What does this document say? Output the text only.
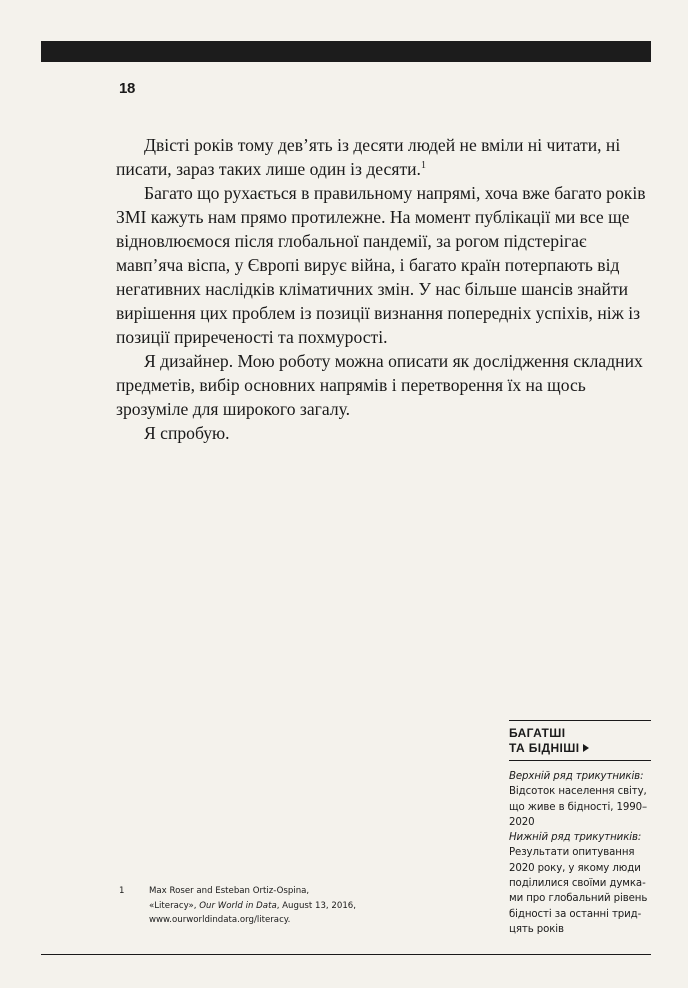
18

Двісті років тому дев’ять із десяти людей не вміли ні читати, ні писати, зараз таких лише один із десяти.$^1$

Багато що рухається в правильному напрямі, хоча вже багато років ЗМІ кажуть нам прямо протилежне. На момент публікації ми все ще відновлюємося після глобальної пандемії, за рогом підстерігає мавп’яча віспа, у Європі вирує війна, і багато країн потерпають від негативних наслідків кліматичних змін. У нас більше шансів знайти вирішення цих проблем із позиції визнання попередніх успіхів, ніж із позиції приреченості та похмурості.

Я дизайнер. Мою роботу можна описати як дослідження складних предметів, вибір основних напрямів і перетворення їх на щось зрозуміле для широкого загалу.

Я спробую.

БАГАТШІ
ТА БІДНІШІ
Верхній ряд трикутників:
Відсоток населення світу, що живе в бідності, 1990–2020
Нижній ряд трикутників:
Результати опитування 2020 року, у якому люди поділилися своїми думками про глобальний рівень бідності за останні тридцять років
1	Max Roser and Esteban Ortiz-Ospina,
«Literacy», Our World in Data, August 13, 2016,
www.ourworldindata.org/literacy.
